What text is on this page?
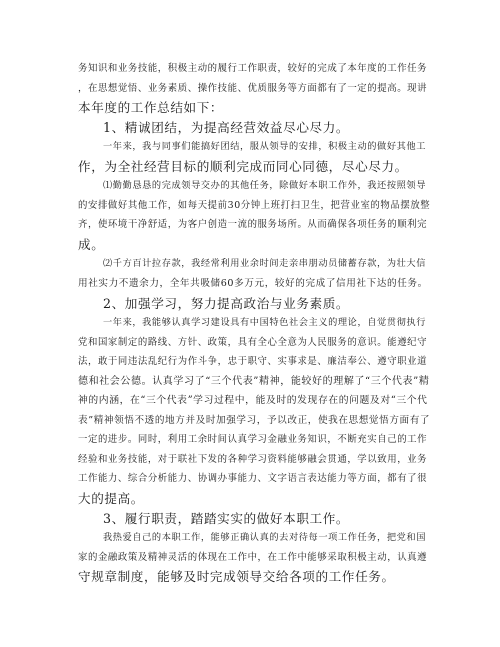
务知识和业务技能，积极主动的履行工作职责，较好的完成了本年度的工作任务
，在思想觉悟、业务素质、操作技能、优质服务等方面都有了一定的提高。现讲
本年度的工作总结如下：
1、精诚团结，为提高经营效益尽心尽力。
一年来，我与同事们能搞好团结，服从领导的安排，积极主动的做好其他工
作，为全社经营目标的顺利完成而同心同德，尽心尽力。
⑴勤勤恳恳的完成领导交办的其他任务，除做好本职工作外，我还按照领导
的安排做好其他工作，如每天提前30分钟上班打扫卫生，把营业室的物品摆放整
齐，使环境干净舒适，为客户创造一流的服务场所。从而确保各项任务的顺利完
成。
⑵千方百计拉存款，我经常利用业余时间走亲串朋动员储蓄存款，为壮大信
用社实力不遗余力，全年共吸储60多万元，较好的完成了信用社下达的任务。
2、加强学习，努力提高政治与业务素质。
一年来，我能够认真学习建设具有中国特色社会主义的理论，自觉贯彻执行
党和国家制定的路线、方针、政策，具有全心全意为人民服务的意识。能遵纪守
法，敢于同违法乱纪行为作斗争，忠于职守、实事求是、廉洁奉公、遵守职业道
德和社会公德。认真学习了“三个代表”精神，能较好的理解了“三个代表”精
神的内涵，在“三个代表”学习过程中，能及时的发现存在的问题及对“三个代
表”精神领悟不透的地方并及时加强学习，予以改正，使我在思想觉悟方面有了
一定的进步。同时，利用工余时间认真学习金融业务知识，不断充实自己的工作
经验和业务技能，对于联社下发的各种学习资料能够融会贯通，学以致用，业务
工作能力、综合分析能力、协调办事能力、文字语言表达能力等方面，都有了很
大的提高。
3、履行职责，踏踏实实的做好本职工作。
我热爱自己的本职工作，能够正确认真的去对待每一项工作任务，把党和国
家的金融政策及精神灵活的体现在工作中，在工作中能够采取积极主动，认真遵
守规章制度，能够及时完成领导交给各项的工作任务。
